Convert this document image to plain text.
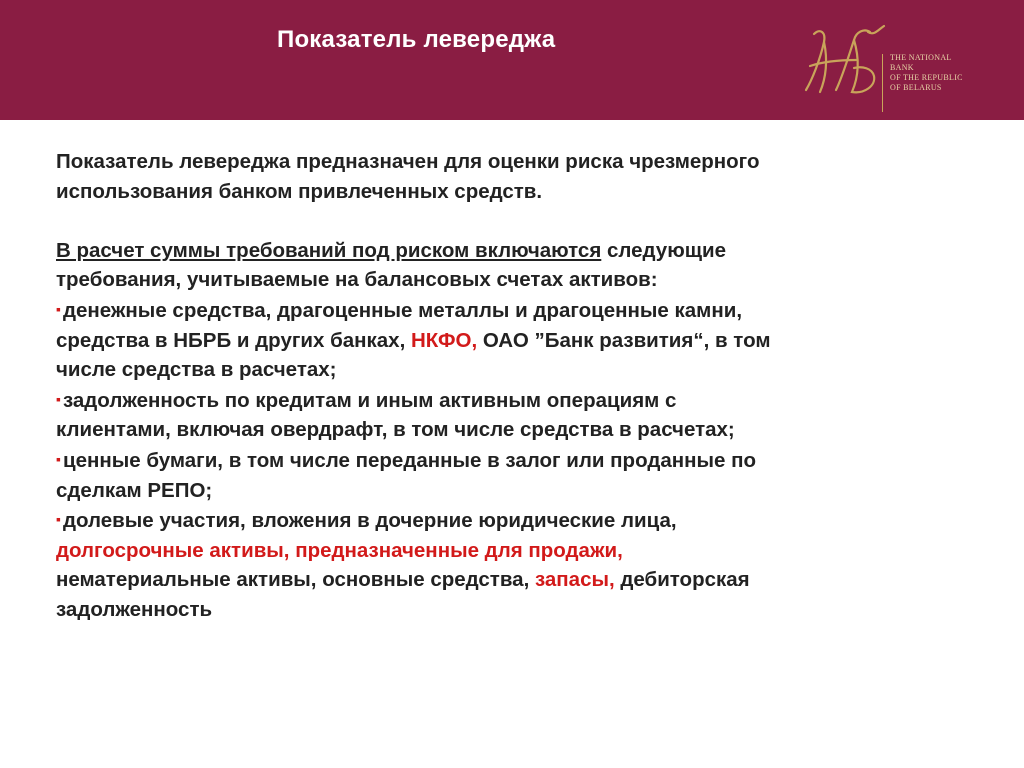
Показатель левереджа
THE NATIONAL
BANK
OF THE REPUBLIC
OF BELARUS
Показатель левереджа предназначен для оценки риска чрезмерного
использования банком привлеченных средств.
В расчет суммы требований под риском включаются следующие
требования, учитываемые на балансовых счетах активов:
▪денежные средства, драгоценные металлы и драгоценные камни,
средства в НБРБ и других банках, НКФО, ОАО ”Банк развития“, в том
числе средства в расчетах;
▪задолженность по кредитам и иным активным операциям с
клиентами, включая овердрафт, в том числе средства в расчетах;
▪ценные бумаги, в том числе переданные в залог или проданные по
сделкам РЕПО;
▪долевые участия, вложения в дочерние юридические лица,
долгосрочные активы, предназначенные для продажи,
нематериальные активы, основные средства, запасы, дебиторская
задолженность
